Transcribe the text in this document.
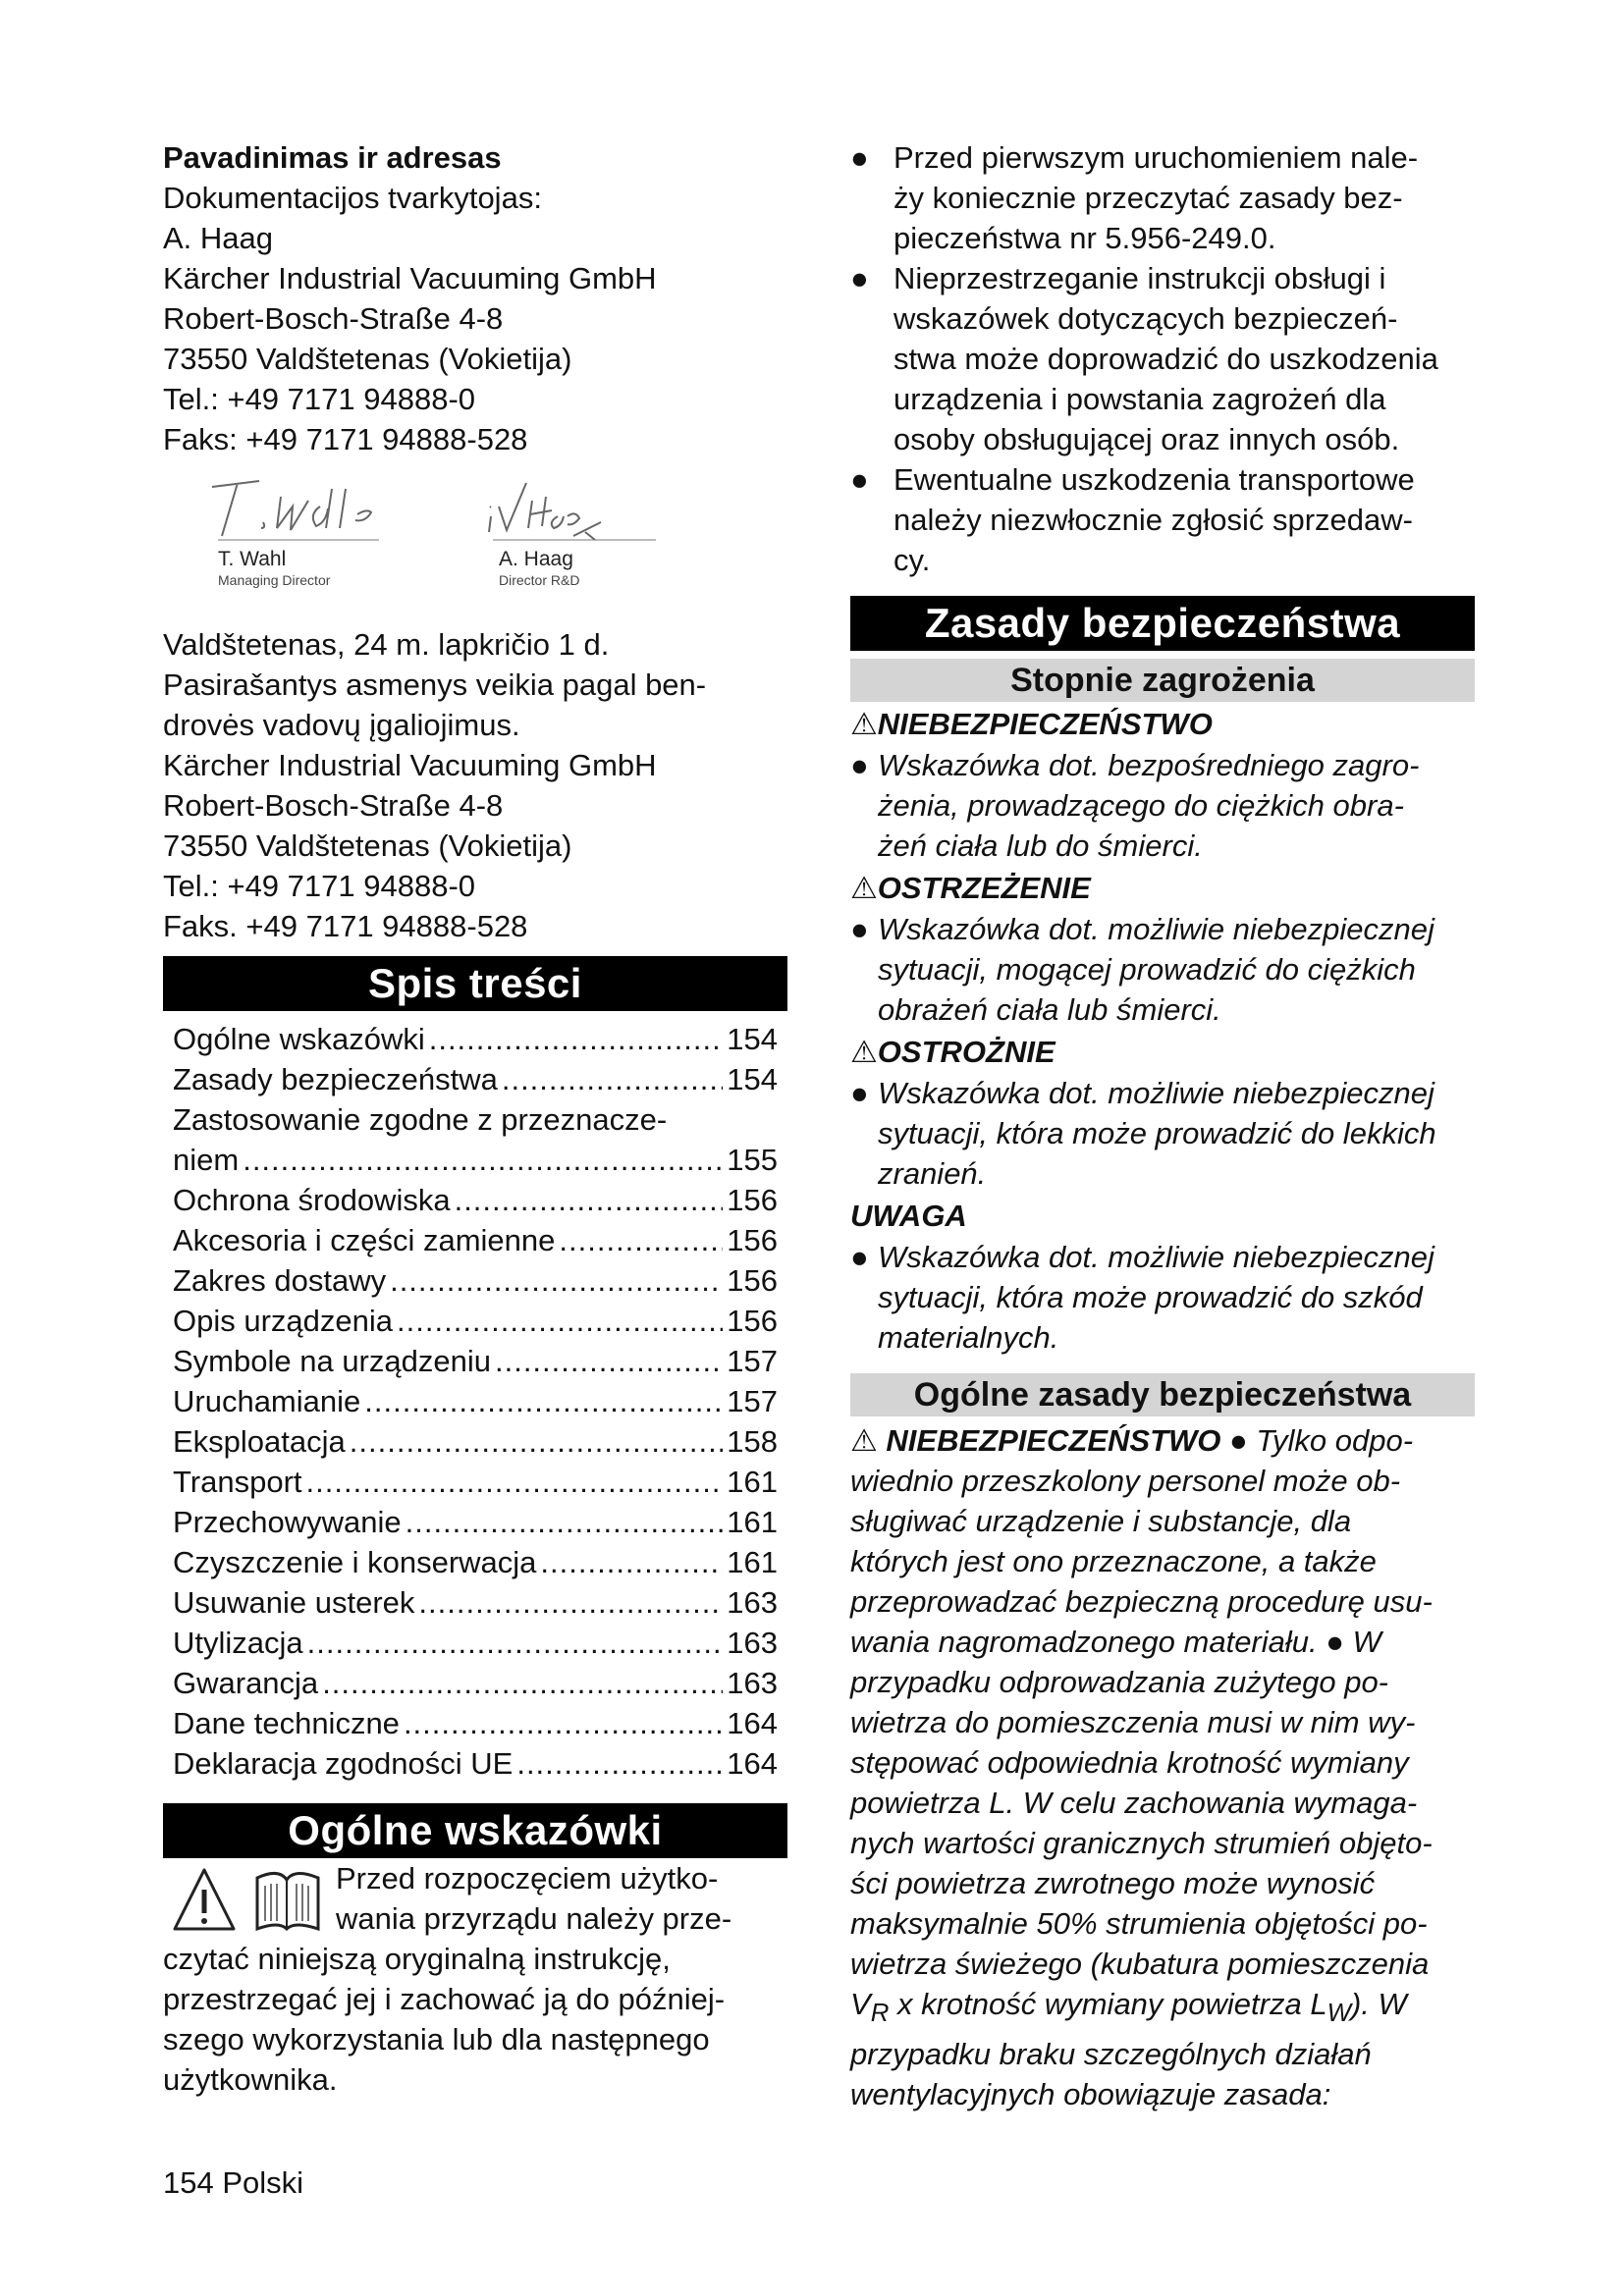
Pavadinimas ir adresas
Dokumentacijos tvarkytojas:
A. Haag
Kärcher Industrial Vacuuming GmbH
Robert-Bosch-Straße 4-8
73550 Valdštetenas (Vokietija)
Tel.: +49 7171 94888-0
Faks: +49 7171 94888-528
T. Wahl
Managing Director
A. Haag
Director R&D
Valdštetenas, 24 m. lapkričio 1 d.
Pasirašantys asmenys veikia pagal ben-
drovės vadovų įgaliojimus.
Kärcher Industrial Vacuuming GmbH
Robert-Bosch-Straße 4-8
73550 Valdštetenas (Vokietija)
Tel.: +49 7171 94888-0
Faks. +49 7171 94888-528
Spis treści
Ogólne wskazówki .....	154
Zasady bezpieczeństwa .....	154
Zastosowanie zgodne z przeznacze-
niem .....	155
Ochrona środowiska .....	156
Akcesoria i części zamienne .....	156
Zakres dostawy .....	156
Opis urządzenia .....	156
Symbole na urządzeniu .....	157
Uruchamianie .....	157
Eksploatacja .....	158
Transport .....	161
Przechowywanie .....	161
Czyszczenie i konserwacja .....	161
Usuwanie usterek .....	163
Utylizacja .....	163
Gwarancja .....	163
Dane techniczne .....	164
Deklaracja zgodności UE .....	164
Ogólne wskazówki
Przed rozpoczęciem użytko-
wania przyrządu należy prze-
czytać niniejszą oryginalną instrukcję,
przestrzegać jej i zachować ją do później-
szego wykorzystania lub dla następnego
użytkownika.
● Przed pierwszym uruchomieniem nale-
ży koniecznie przeczytać zasady bez-
pieczeństwa nr 5.956-249.0.
● Nieprzestrzeganie instrukcji obsługi i
wskazówek dotyczących bezpieczeń-
stwa może doprowadzić do uszkodzenia
urządzenia i powstania zagrożeń dla
osoby obsługującej oraz innych osób.
● Ewentualne uszkodzenia transportowe
należy niezwłocznie zgłosić sprzedaw-
cy.
Zasady bezpieczeństwa
Stopnie zagrożenia
⚠NIEBEZPIECZEŃSTWO
● Wskazówka dot. bezpośredniego zagro-
żenia, prowadzącego do ciężkich obra-
żeń ciała lub do śmierci.
⚠OSTRZEŻENIE
● Wskazówka dot. możliwie niebezpiecznej
sytuacji, mogącej prowadzić do ciężkich
obrażeń ciała lub śmierci.
⚠OSTROŻNIE
● Wskazówka dot. możliwie niebezpiecznej
sytuacji, która może prowadzić do lekkich
zranień.
UWAGA
● Wskazówka dot. możliwie niebezpiecznej
sytuacji, która może prowadzić do szkód
materialnych.
Ogólne zasady bezpieczeństwa
⚠ NIEBEZPIECZEŃSTWO ● Tylko odpo-
wiednio przeszkolony personel może ob-
sługiwać urządzenie i substancje, dla
których jest ono przeznaczone, a także
przeprowadzać bezpieczną procedurę usu-
wania nagromadzonego materiału. ● W
przypadku odprowadzania zużytego po-
wietrza do pomieszczenia musi w nim wy-
stępować odpowiednia krotność wymiany
powietrza L. W celu zachowania wymaga-
nych wartości granicznych strumień objęto-
ści powietrza zwrotnego może wynosić
maksymalnie 50% strumienia objętości po-
wietrza świeżego (kubatura pomieszczenia
$V_R$ x krotność wymiany powietrza $L_W$). W
przypadku braku szczególnych działań
wentylacyjnych obowiązuje zasada:
154 Polski
